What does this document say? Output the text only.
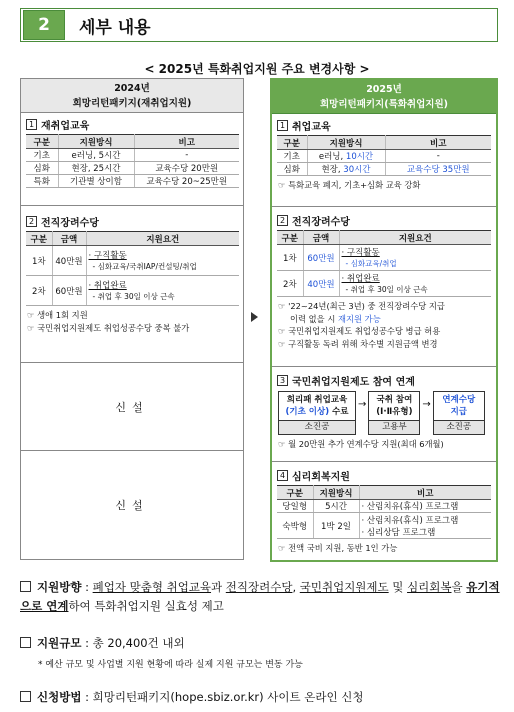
2	세부 내용
< 2025년 특화취업지원 주요 변경사항 >
2024년
희망리턴패키지(재취업지원)
1 재취업교육
구분	지원방식	비고
기초	e러닝, 5시간	-
심화	현장, 25시간	교육수당 20만원
특화	기관별 상이함	교육수당 20~25만원
2 전직장려수당
구분	금액	지원요건
1차	40만원	· 구직활동
- 심화교육/국취IAP/컨설팅/취업

2차	60만원	· 취업완료
- 취업 후 30일 이상 근속
☞ 생애 1회 지원
☞ 국민취업지원제도 취업성공수당 중복 불가
신설
신설
2025년
희망리턴패키지(특화취업지원)
1 취업교육
구분	지원방식	비고
기초	e러닝, 10시간	-
심화	현장, 30시간	교육수당 35만원
☞ 특화교육 폐지, 기초+심화 교육 강화
2 전직장려수당
구분	금액	지원요건
1차	60만원	· 구직활동
- 심화교육/취업

2차	40만원	· 취업완료
- 취업 후 30일 이상 근속
☞ '22~24년(최근 3년) 중 전직장려수당 지급
이력 없을 시 재지원 가능
☞ 국민취업지원제도 취업성공수당 병급 허용
☞ 구직활동 독려 위해 차수별 지원금액 변경
3 국민취업지원제도 참여 연계
희리패 취업교육
(기초 이상) 수료
소진공
→	국취 참여
(Ⅰ·Ⅱ유형)
고용부
→	연계수당
지급
소진공
☞ 월 20만원 추가 연계수당 지원(최대 6개월)
4 심리회복지원
구분	지원방식	비고
당일형	5시간	· 산림치유(휴식) 프로그램
숙박형	1박 2일	· 산림치유(휴식) 프로그램
· 심리상담 프로그램
☞ 전액 국비 지원, 동반 1인 가능
지원방향 : 폐업자 맞춤형 취업교육과 전직장려수당, 국민취업지원제도 및 심리회복을 유기적으로 연계하여 특화취업지원 실효성 제고
지원규모 : 총 20,400건 내외
* 예산 규모 및 사업별 지원 현황에 따라 실제 지원 규모는 변동 가능
신청방법 : 희망리턴패키지(hope.sbiz.or.kr) 사이트 온라인 신청
